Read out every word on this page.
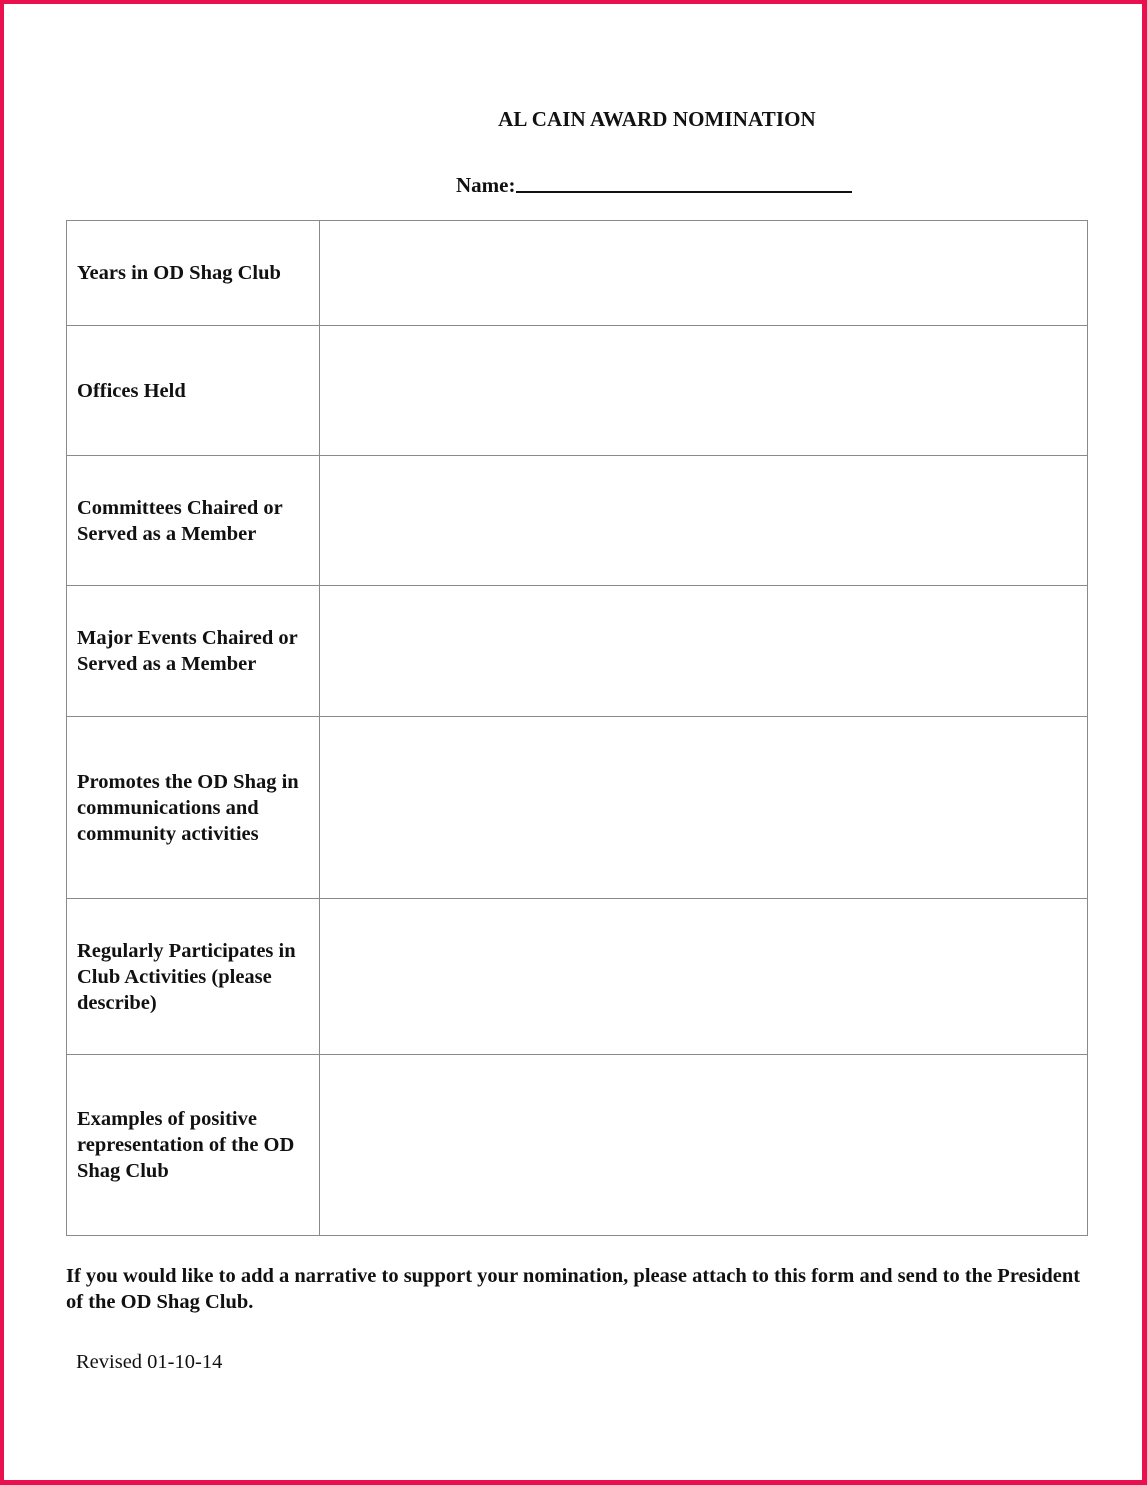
AL CAIN AWARD NOMINATION
Name:
Years in OD Shag Club	
Offices Held	
Committees Chaired or Served as a Member	
Major Events Chaired or Served as a Member	
Promotes the OD Shag in communications and community activities	
Regularly Participates in Club Activities (please describe)	
Examples of positive representation of the OD Shag Club	
If you would like to add a narrative to support your nomination, please attach to this form and send to the President of the OD Shag Club.
Revised 01-10-14
